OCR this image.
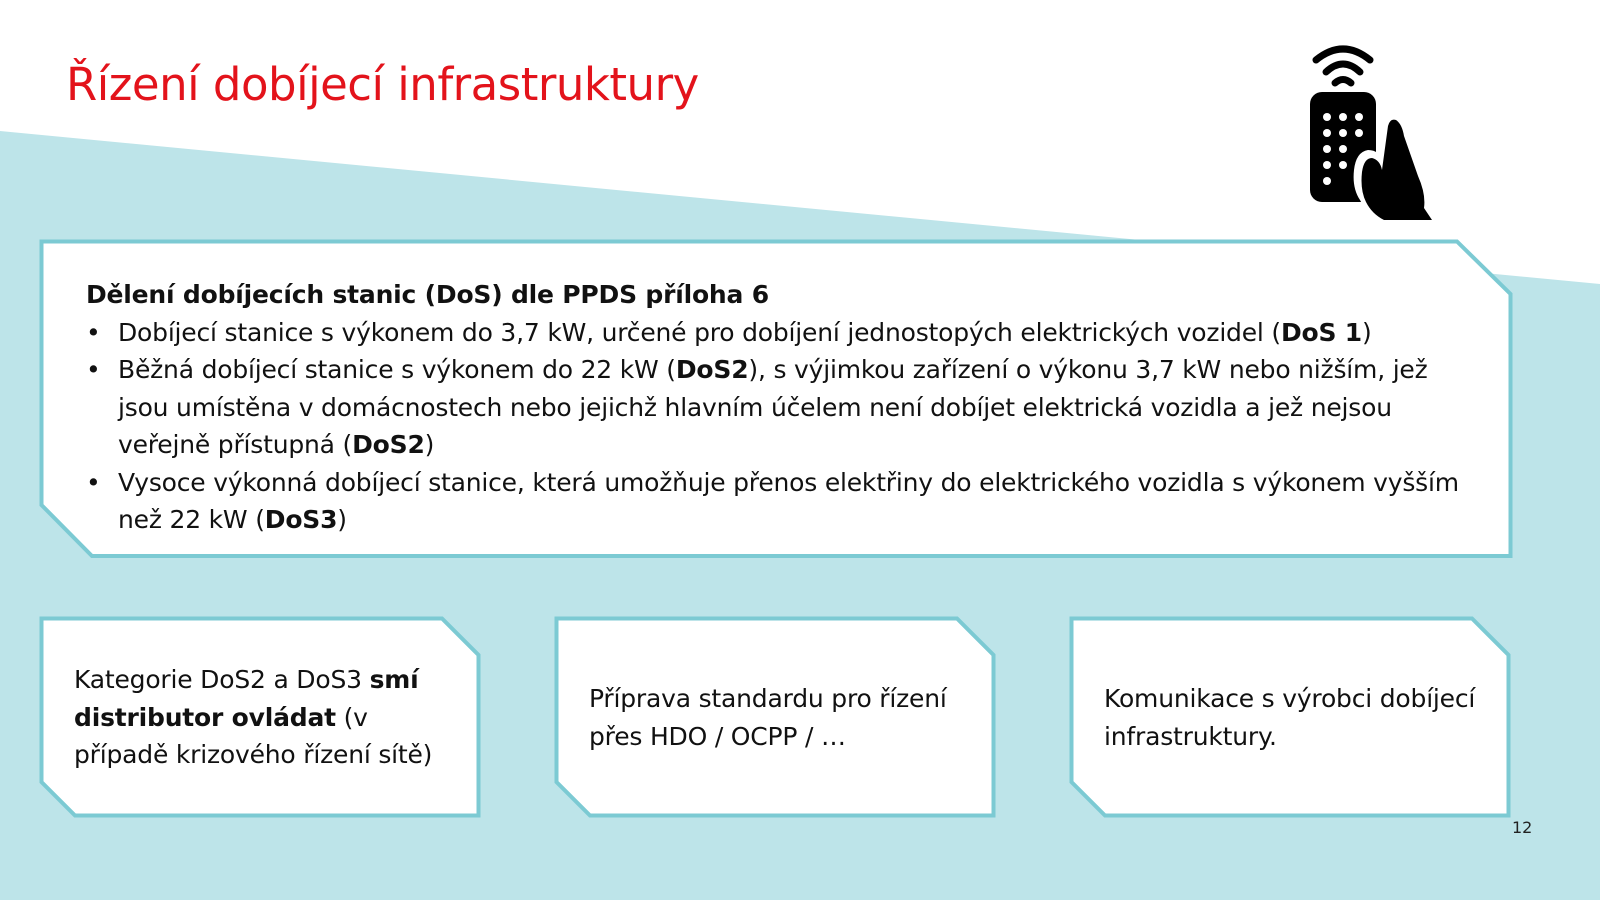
Řízení dobíjecí infrastruktury
Dělení dobíjecích stanic (DoS) dle PPDS příloha 6
• Dobíjecí stanice s výkonem do 3,7 kW, určené pro dobíjení jednostopých elektrických vozidel (DoS 1)
• Běžná dobíjecí stanice s výkonem do 22 kW (DoS2), s výjimkou zařízení o výkonu 3,7 kW nebo nižším, jež jsou umístěna v domácnostech nebo jejichž hlavním účelem není dobíjet elektrická vozidla a jež nejsou veřejně přístupná (DoS2)
• Vysoce výkonná dobíjecí stanice, která umožňuje přenos elektřiny do elektrického vozidla s výkonem vyšším než 22 kW (DoS3)
Kategorie DoS2 a DoS3 smí distributor ovládat (v případě krizového řízení sítě)
Příprava standardu pro řízení přes HDO / OCPP / …
Komunikace s výrobci dobíjecí infrastruktury.
12
